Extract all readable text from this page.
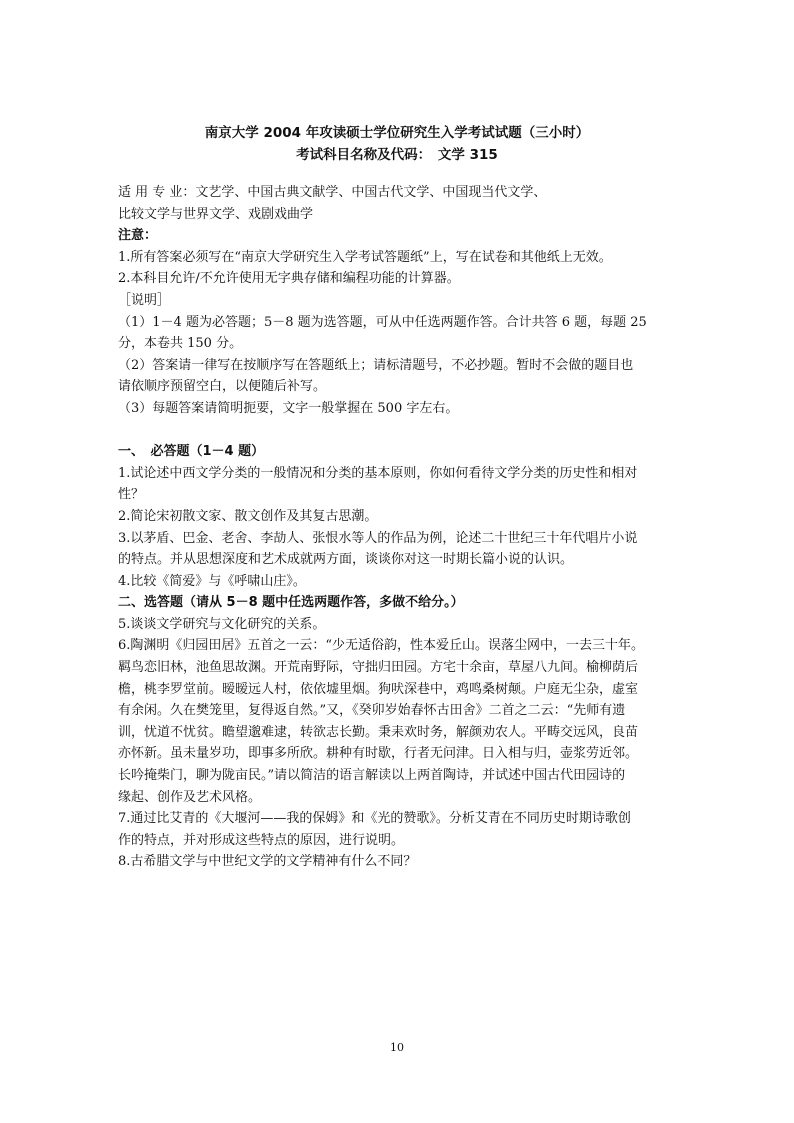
南京大学 2004 年攻读硕士学位研究生入学考试试题（三小时）
考试科目名称及代码：　文学 315

适 用 专 业：文艺学、中国古典文献学、中国古代文学、中国现当代文学、

比较文学与世界文学、戏剧戏曲学

注意：

1.所有答案必须写在“南京大学研究生入学考试答题纸”上，写在试卷和其他纸上无效。

2.本科目允许/不允许使用无字典存储和编程功能的计算器。

［说明］

（1）1－4 题为必答题；5－8 题为选答题，可从中任选两题作答。合计共答 6 题，每题 25

分，本卷共 150 分。

（2）答案请一律写在按顺序写在答题纸上；请标清题号，不必抄题。暂时不会做的题目也

请依顺序预留空白，以便随后补写。

（3）每题答案请简明扼要，文字一般掌握在 500 字左右。

一、　必答题（1－4 题）

1.试论述中西文学分类的一般情况和分类的基本原则，你如何看待文学分类的历史性和相对

性？

2.简论宋初散文家、散文创作及其复古思潮。

3.以茅盾、巴金、老舍、李劼人、张恨水等人的作品为例，论述二十世纪三十年代唱片小说

的特点。并从思想深度和艺术成就两方面，谈谈你对这一时期长篇小说的认识。

4.比较《简爱》与《呼啸山庄》。

二、选答题（请从 5－8 题中任选两题作答，多做不给分。）

5.谈谈文学研究与文化研究的关系。

6.陶渊明《归园田居》五首之一云：“少无适俗韵，性本爱丘山。误落尘网中，一去三十年。

羁鸟恋旧林，池鱼思故渊。开荒南野际，守拙归田园。方宅十余亩，草屋八九间。榆柳荫后

檐，桃李罗堂前。暧暧远人村，依依墟里烟。狗吠深巷中，鸡鸣桑树颠。户庭无尘杂，虚室

有余闲。久在樊笼里，复得返自然。”又，《癸卯岁始春怀古田舍》二首之二云：“先师有遗

训，忧道不忧贫。瞻望邈难逮，转欲志长勤。秉耒欢时务，解颜劝农人。平畴交远风，良苗

亦怀新。虽未量岁功，即事多所欣。耕种有时歇，行者无问津。日入相与归，壶浆劳近邻。

长吟掩柴门，聊为陇亩民。”请以简洁的语言解读以上两首陶诗，并试述中国古代田园诗的

缘起、创作及艺术风格。

7.通过比艾青的《大堰河——我的保姆》和《光的赞歌》。分析艾青在不同历史时期诗歌创

作的特点，并对形成这些特点的原因，进行说明。

8.古希腊文学与中世纪文学的文学精神有什么不同？

10
